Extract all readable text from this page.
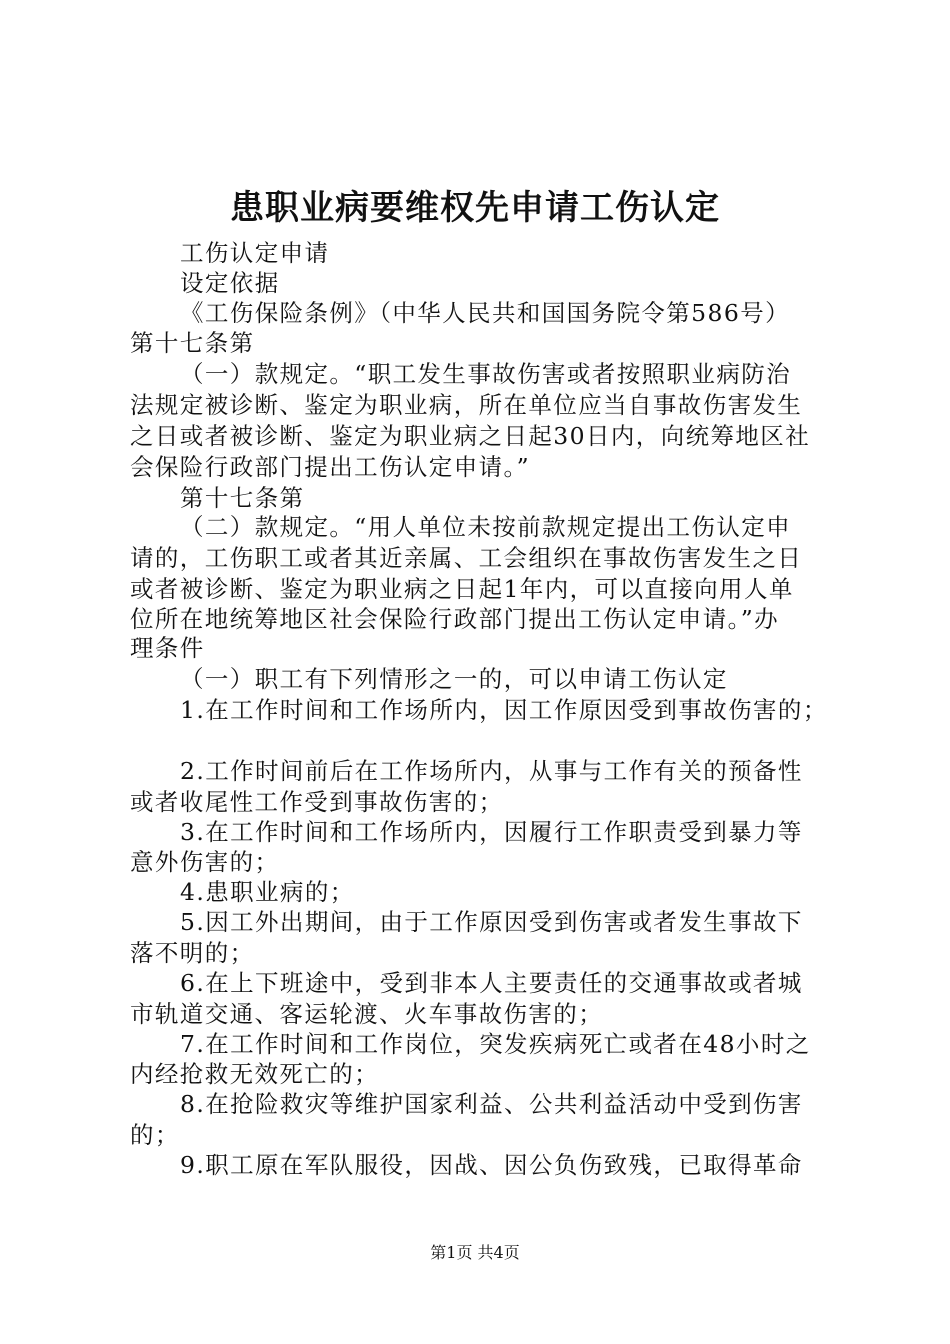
患职业病要维权先申请工伤认定
工伤认定申请
设定依据
《工伤保险条例》（中华人民共和国国务院令第586号）
第十七条第
（一）款规定。“职工发生事故伤害或者按照职业病防治
法规定被诊断、鉴定为职业病，所在单位应当自事故伤害发生
之日或者被诊断、鉴定为职业病之日起30日内，向统筹地区社
会保险行政部门提出工伤认定申请。”
第十七条第
（二）款规定。“用人单位未按前款规定提出工伤认定申
请的，工伤职工或者其近亲属、工会组织在事故伤害发生之日
或者被诊断、鉴定为职业病之日起1年内，可以直接向用人单
位所在地统筹地区社会保险行政部门提出工伤认定申请。”办
理条件
（一）职工有下列情形之一的，可以申请工伤认定
1.在工作时间和工作场所内，因工作原因受到事故伤害的；
2.工作时间前后在工作场所内，从事与工作有关的预备性
或者收尾性工作受到事故伤害的；
3.在工作时间和工作场所内，因履行工作职责受到暴力等
意外伤害的；
4.患职业病的；
5.因工外出期间，由于工作原因受到伤害或者发生事故下
落不明的；
6.在上下班途中，受到非本人主要责任的交通事故或者城
市轨道交通、客运轮渡、火车事故伤害的；
7.在工作时间和工作岗位，突发疾病死亡或者在48小时之
内经抢救无效死亡的；
8.在抢险救灾等维护国家利益、公共利益活动中受到伤害
的；
9.职工原在军队服役，因战、因公负伤致残，已取得革命
第1页 共4页
